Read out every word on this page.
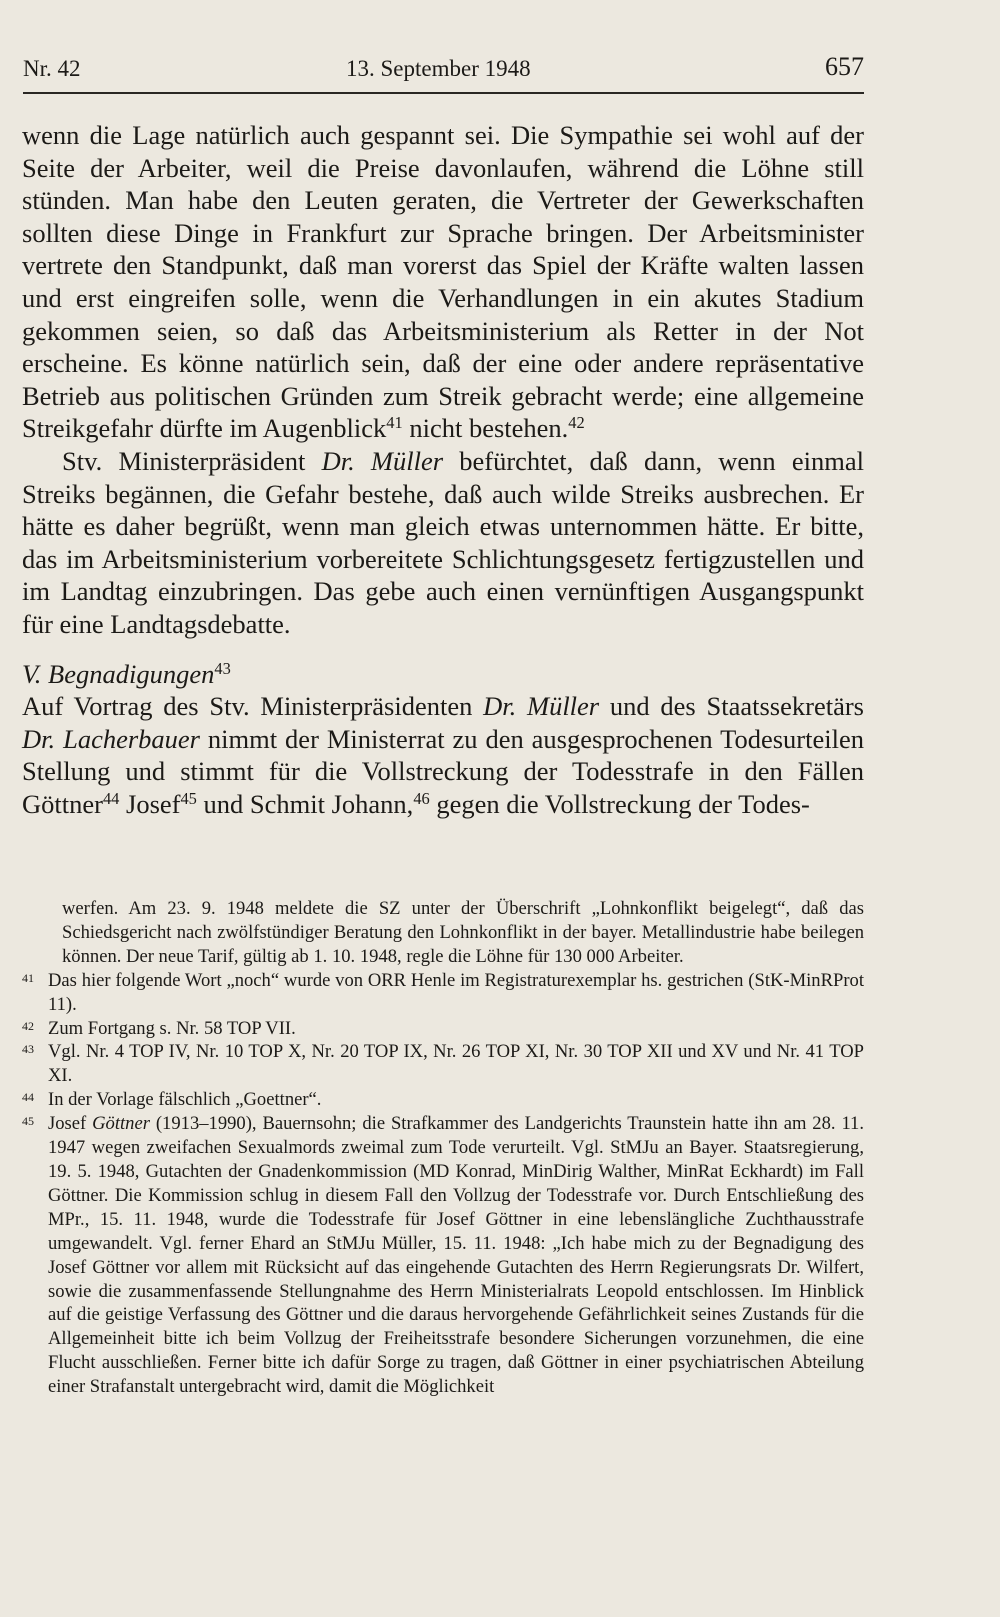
Nr. 42	13. September 1948	657

wenn die Lage natürlich auch gespannt sei. Die Sympathie sei wohl auf der Seite der Arbeiter, weil die Preise davonlaufen, während die Löhne still stünden. Man habe den Leuten geraten, die Vertreter der Gewerkschaften sollten diese Dinge in Frankfurt zur Sprache bringen. Der Arbeitsminister vertrete den Standpunkt, daß man vorerst das Spiel der Kräfte walten lassen und erst eingreifen solle, wenn die Verhandlungen in ein akutes Stadium gekommen seien, so daß das Arbeitsministerium als Retter in der Not erscheine. Es könne natürlich sein, daß der eine oder andere repräsentative Betrieb aus politischen Gründen zum Streik gebracht werde; eine allgemeine Streikgefahr dürfte im Augenblick$^{41}$ nicht bestehen.$^{42}$

Stv. Ministerpräsident Dr. Müller befürchtet, daß dann, wenn einmal Streiks begännen, die Gefahr bestehe, daß auch wilde Streiks ausbrechen. Er hätte es daher begrüßt, wenn man gleich etwas unternommen hätte. Er bitte, das im Arbeitsministerium vorbereitete Schlichtungsgesetz fertigzustellen und im Landtag einzubringen. Das gebe auch einen vernünftigen Ausgangspunkt für eine Landtagsdebatte.

V. Begnadigungen$^{43}$

Auf Vortrag des Stv. Ministerpräsidenten Dr. Müller und des Staatssekretärs Dr. Lacherbauer nimmt der Ministerrat zu den ausgesprochenen Todesurteilen Stellung und stimmt für die Vollstreckung der Todesstrafe in den Fällen Göttner$^{44}$ Josef$^{45}$ und Schmit Johann,$^{46}$ gegen die Vollstreckung der Todes-

werfen. Am 23. 9. 1948 meldete die SZ unter der Überschrift „Lohnkonflikt beigelegt“, daß das Schiedsgericht nach zwölfstündiger Beratung den Lohnkonflikt in der bayer. Metallindustrie habe beilegen können. Der neue Tarif, gültig ab 1. 10. 1948, regle die Löhne für 130 000 Arbeiter.

41 Das hier folgende Wort „noch“ wurde von ORR Henle im Registraturexemplar hs. gestrichen (StK-MinRProt 11).

42 Zum Fortgang s. Nr. 58 TOP VII.

43 Vgl. Nr. 4 TOP IV, Nr. 10 TOP X, Nr. 20 TOP IX, Nr. 26 TOP XI, Nr. 30 TOP XII und XV und Nr. 41 TOP XI.

44 In der Vorlage fälschlich „Goettner“.

45 Josef Göttner (1913–1990), Bauernsohn; die Strafkammer des Landgerichts Traunstein hatte ihn am 28. 11. 1947 wegen zweifachen Sexualmords zweimal zum Tode verurteilt. Vgl. StMJu an Bayer. Staatsregierung, 19. 5. 1948, Gutachten der Gnadenkommission (MD Konrad, MinDirig Walther, MinRat Eckhardt) im Fall Göttner. Die Kommission schlug in diesem Fall den Vollzug der Todesstrafe vor. Durch Entschließung des MPr., 15. 11. 1948, wurde die Todesstrafe für Josef Göttner in eine lebenslängliche Zuchthausstrafe umgewandelt. Vgl. ferner Ehard an StMJu Müller, 15. 11. 1948: „Ich habe mich zu der Begnadigung des Josef Göttner vor allem mit Rücksicht auf das eingehende Gutachten des Herrn Regierungsrats Dr. Wilfert, sowie die zusammenfassende Stellungnahme des Herrn Ministerialrats Leopold entschlossen. Im Hinblick auf die geistige Verfassung des Göttner und die daraus hervorgehende Gefährlichkeit seines Zustands für die Allgemeinheit bitte ich beim Vollzug der Freiheitsstrafe besondere Sicherungen vorzunehmen, die eine Flucht ausschließen. Ferner bitte ich dafür Sorge zu tragen, daß Göttner in einer psychiatrischen Abteilung einer Strafanstalt untergebracht wird, damit die Möglichkeit
